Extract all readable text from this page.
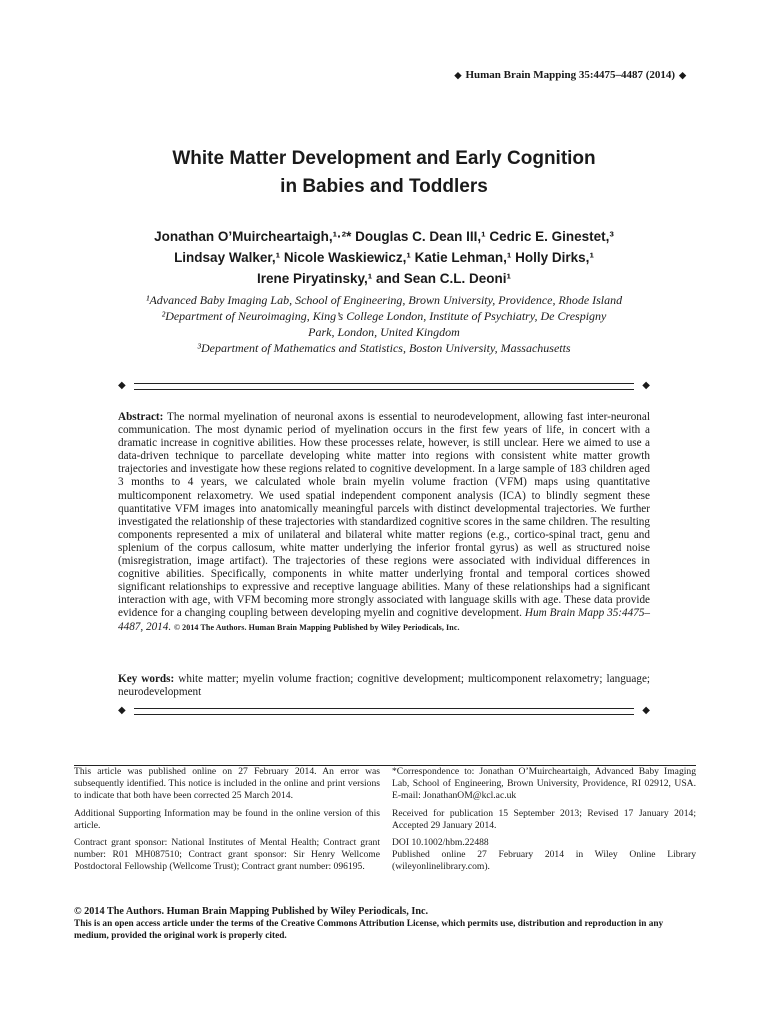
◆ Human Brain Mapping 35:4475–4487 (2014) ◆
White Matter Development and Early Cognition
in Babies and Toddlers
Jonathan O’Muircheartaigh,¹·²* Douglas C. Dean III,¹ Cedric E. Ginestet,³
Lindsay Walker,¹ Nicole Waskiewicz,¹ Katie Lehman,¹ Holly Dirks,¹
Irene Piryatinsky,¹ and Sean C.L. Deoni¹
¹Advanced Baby Imaging Lab, School of Engineering, Brown University, Providence, Rhode Island
²Department of Neuroimaging, King’s College London, Institute of Psychiatry, De Crespigny
Park, London, United Kingdom
³Department of Mathematics and Statistics, Boston University, Massachusetts
◆	◆
Abstract: The normal myelination of neuronal axons is essential to neurodevelopment, allowing fast inter-neuronal communication. The most dynamic period of myelination occurs in the first few years of life, in concert with a dramatic increase in cognitive abilities. How these processes relate, however, is still unclear. Here we aimed to use a data-driven technique to parcellate developing white matter into regions with consistent white matter growth trajectories and investigate how these regions related to cognitive development. In a large sample of 183 children aged 3 months to 4 years, we calculated whole brain myelin volume fraction (VFM) maps using quantitative multicomponent relaxometry. We used spatial independent component analysis (ICA) to blindly segment these quantitative VFM images into anatomically meaningful parcels with distinct developmental trajectories. We further investigated the relationship of these trajectories with standardized cognitive scores in the same children. The resulting components represented a mix of unilateral and bilateral white matter regions (e.g., cortico-spinal tract, genu and splenium of the corpus callosum, white matter underlying the inferior frontal gyrus) as well as structured noise (misregistration, image artifact). The trajectories of these regions were associated with individual differences in cognitive abilities. Specifically, components in white matter underlying frontal and temporal cortices showed significant relationships to expressive and receptive language abilities. Many of these relationships had a significant interaction with age, with VFM becoming more strongly associated with language skills with age. These data provide evidence for a changing coupling between developing myelin and cognitive development. Hum Brain Mapp 35:4475–4487, 2014. © 2014 The Authors. Human Brain Mapping Published by Wiley Periodicals, Inc.
Key words: white matter; myelin volume fraction; cognitive development; multicomponent relaxometry; language; neurodevelopment
◆	◆

This article was published online on 27 February 2014. An error was subsequently identified. This notice is included in the online and print versions to indicate that both have been corrected 25 March 2014.

Additional Supporting Information may be found in the online version of this article.

Contract grant sponsor: National Institutes of Mental Health; Contract grant number: R01 MH087510; Contract grant sponsor: Sir Henry Wellcome Postdoctoral Fellowship (Wellcome Trust); Contract grant number: 096195.

*Correspondence to: Jonathan O’Muircheartaigh, Advanced Baby Imaging Lab, School of Engineering, Brown University, Providence, RI 02912, USA. E-mail: JonathanOM@kcl.ac.uk

Received for publication 15 September 2013; Revised 17 January 2014; Accepted 29 January 2014.

DOI 10.1002/hbm.22488
Published online 27 February 2014 in Wiley Online Library (wileyonlinelibrary.com).

© 2014 The Authors. Human Brain Mapping Published by Wiley Periodicals, Inc.
This is an open access article under the terms of the Creative Commons Attribution License, which permits use, distribution and reproduction in any medium, provided the original work is properly cited.
